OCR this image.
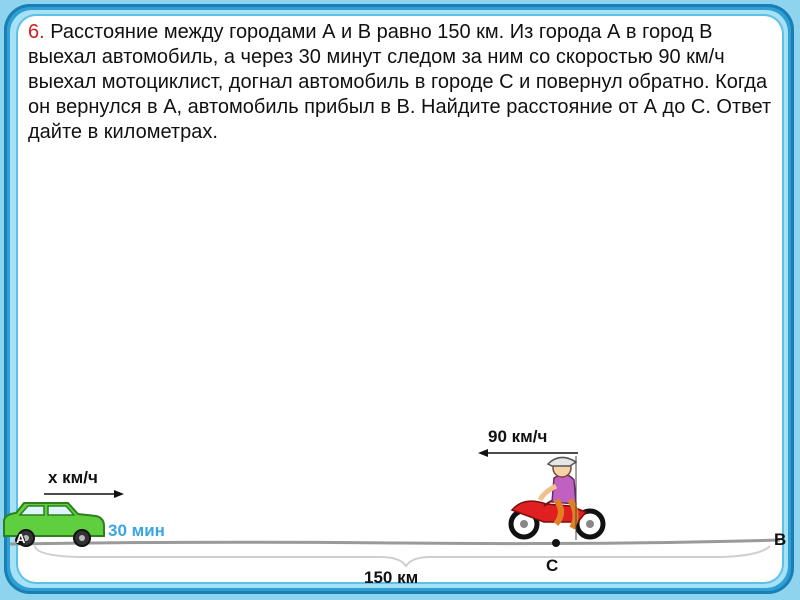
6. Расстояние между городами А и В равно 150 км. Из города А в город В выехал автомобиль, а через 30 минут следом за ним со скоростью 90 км/ч выехал мотоциклист, догнал автомобиль в городе С и повернул обратно. Когда он вернулся в А, автомобиль прибыл в В. Найдите расстояние от А до С. Ответ дайте в километрах.

х км/ч
90 км/ч
30 мин
150 км
А	В
С
